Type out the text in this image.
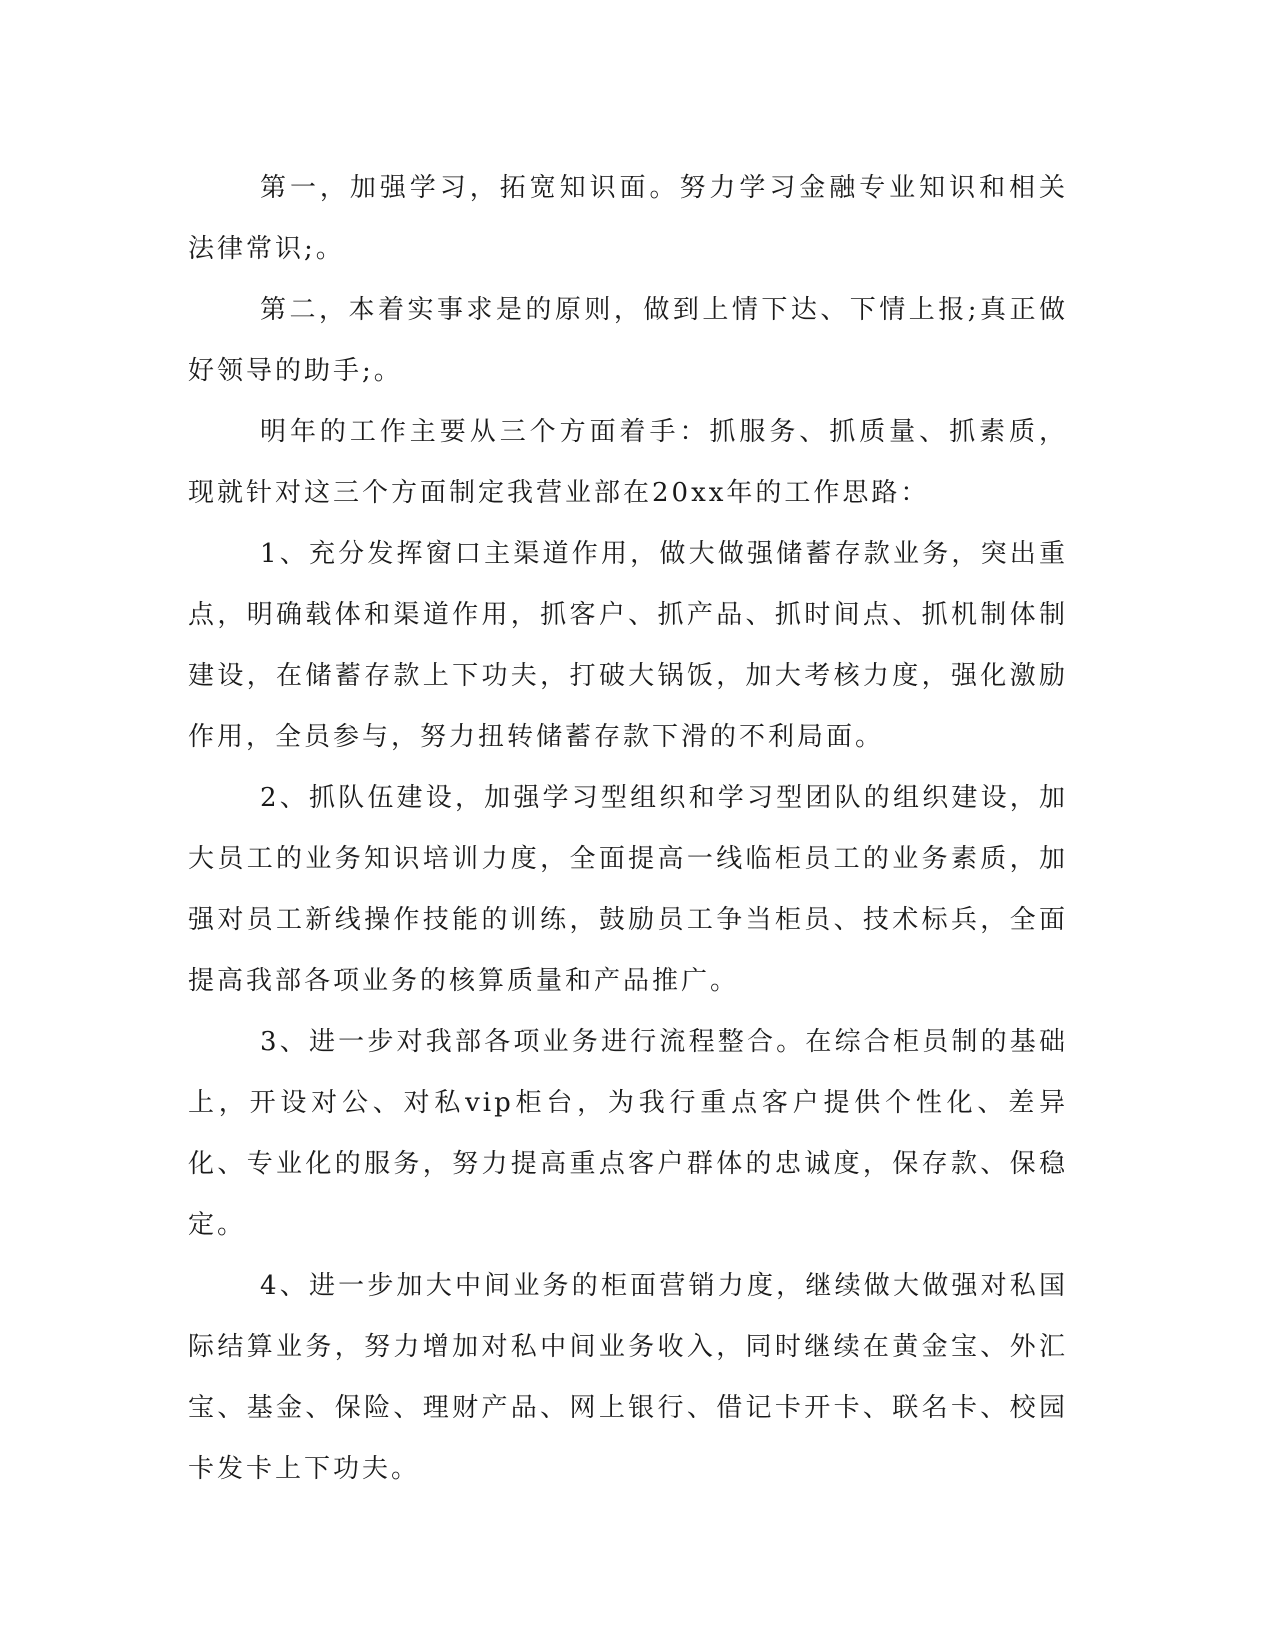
第一，加强学习，拓宽知识面。努力学习金融专业知识和相关法律常识;。

第二，本着实事求是的原则，做到上情下达、下情上报;真正做好领导的助手;。

明年的工作主要从三个方面着手：抓服务、抓质量、抓素质，现就针对这三个方面制定我营业部在20xx年的工作思路：

1、充分发挥窗口主渠道作用，做大做强储蓄存款业务，突出重点，明确载体和渠道作用，抓客户、抓产品、抓时间点、抓机制体制建设，在储蓄存款上下功夫，打破大锅饭，加大考核力度，强化激励作用，全员参与，努力扭转储蓄存款下滑的不利局面。

2、抓队伍建设，加强学习型组织和学习型团队的组织建设，加大员工的业务知识培训力度，全面提高一线临柜员工的业务素质，加强对员工新线操作技能的训练，鼓励员工争当柜员、技术标兵，全面提高我部各项业务的核算质量和产品推广。

3、进一步对我部各项业务进行流程整合。在综合柜员制的基础上，开设对公、对私vip柜台，为我行重点客户提供个性化、差异化、专业化的服务，努力提高重点客户群体的忠诚度，保存款、保稳定。

4、进一步加大中间业务的柜面营销力度，继续做大做强对私国际结算业务，努力增加对私中间业务收入，同时继续在黄金宝、外汇宝、基金、保险、理财产品、网上银行、借记卡开卡、联名卡、校园卡发卡上下功夫。
